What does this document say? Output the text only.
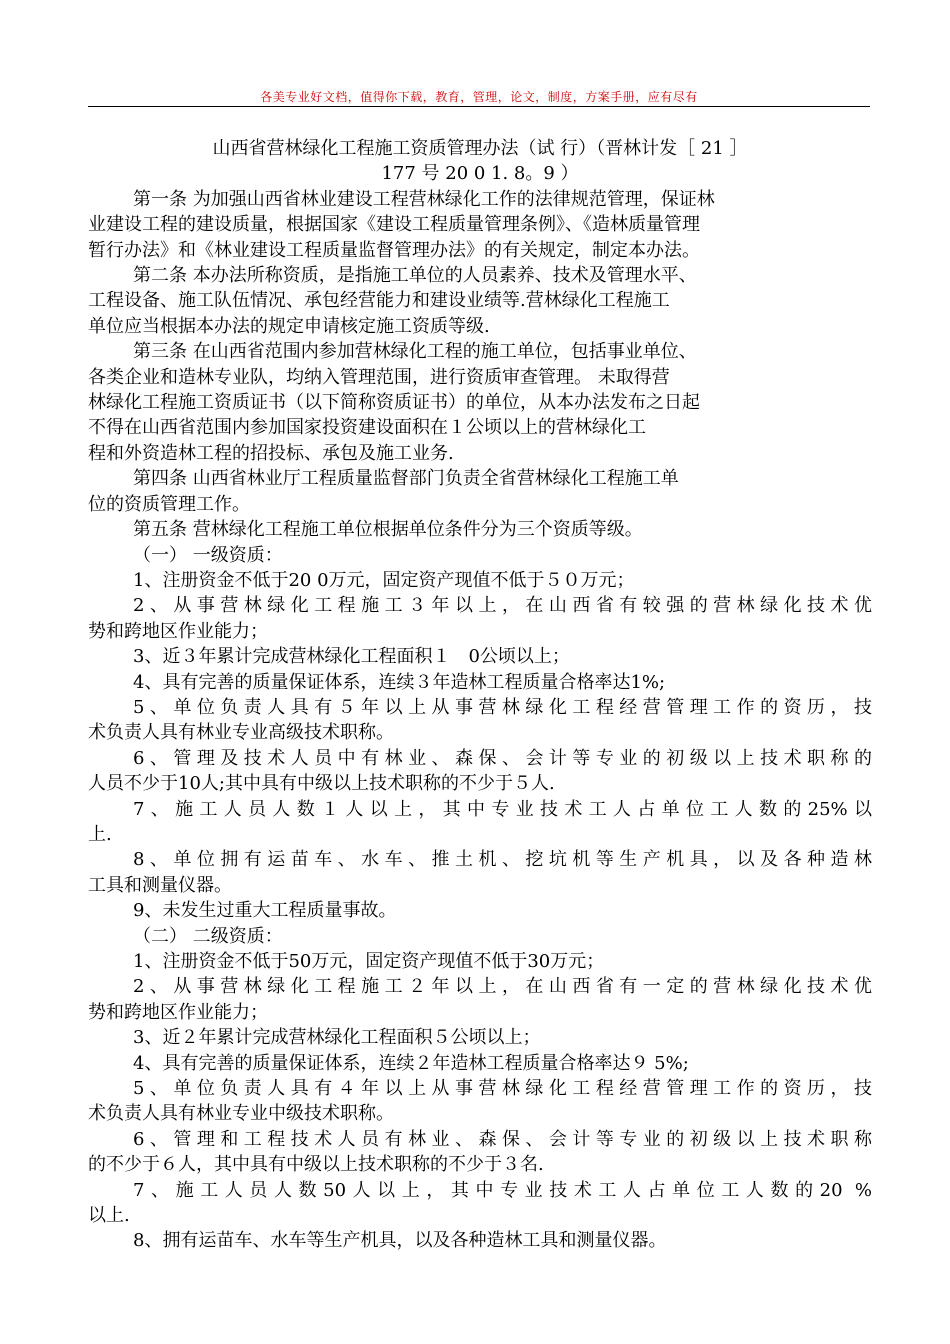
各美专业好文档，值得你下载，教育，管理，论文，制度，方案手册，应有尽有

山西省营林绿化工程施工资质管理办法（试 行）（晋林计发［ 21 ］

177 号 20 0 1. 8。9 ）

第一条 为加强山西省林业建设工程营林绿化工作的法律规范管理，保证林

业建设工程的建设质量，根据国家《建设工程质量管理条例》、《造林质量管理

暂行办法》和《林业建设工程质量监督管理办法》的有关规定，制定本办法。

第二条 本办法所称资质，是指施工单位的人员素养、技术及管理水平、

工程设备、施工队伍情况、承包经营能力和建设业绩等.营林绿化工程施工

单位应当根据本办法的规定申请核定施工资质等级.

第三条 在山西省范围内参加营林绿化工程的施工单位，包括事业单位、

各类企业和造林专业队，均纳入管理范围，进行资质审查管理。 未取得营

林绿化工程施工资质证书（以下简称资质证书）的单位，从本办法发布之日起

不得在山西省范围内参加国家投资建设面积在１公顷以上的营林绿化工

程和外资造林工程的招投标、承包及施工业务.

第四条 山西省林业厅工程质量监督部门负责全省营林绿化工程施工单

位的资质管理工作。

第五条 营林绿化工程施工单位根据单位条件分为三个资质等级。

（一） 一级资质：

1、注册资金不低于20 0万元，固定资产现值不低于５０万元；

2、从事营林绿化工程施工３年以上，在山西省有较强的营林绿化技术优

势和跨地区作业能力；

3、近３年累计完成营林绿化工程面积１　0公顷以上；

4、具有完善的质量保证体系，连续３年造林工程质量合格率达1%;

5、单位负责人具有５年以上从事营林绿化工程经营管理工作的资历，技

术负责人具有林业专业高级技术职称。

6、管理及技术人员中有林业、森保、会计等专业的初级以上技术职称的

人员不少于10人;其中具有中级以上技术职称的不少于５人.

7、施工人员人数１人以上，其中专业技术工人占单位工人数的25%以

上.

8、单位拥有运苗车、水车、推土机、挖坑机等生产机具，以及各种造林

工具和测量仪器。

9、未发生过重大工程质量事故。

（二） 二级资质：

1、注册资金不低于50万元，固定资产现值不低于30万元；

2、从事营林绿化工程施工２年以上，在山西省有一定的营林绿化技术优

势和跨地区作业能力；

3、近２年累计完成营林绿化工程面积５公顷以上；

4、具有完善的质量保证体系，连续２年造林工程质量合格率达９ 5%;

5、单位负责人具有４年以上从事营林绿化工程经营管理工作的资历，技

术负责人具有林业专业中级技术职称。

6、管理和工程技术人员有林业、森保、会计等专业的初级以上技术职称

的不少于６人，其中具有中级以上技术职称的不少于３名.

7、施工人员人数50人以上，其中专业技术工人占单位工人数的20 %

以上.

8、拥有运苗车、水车等生产机具，以及各种造林工具和测量仪器。
